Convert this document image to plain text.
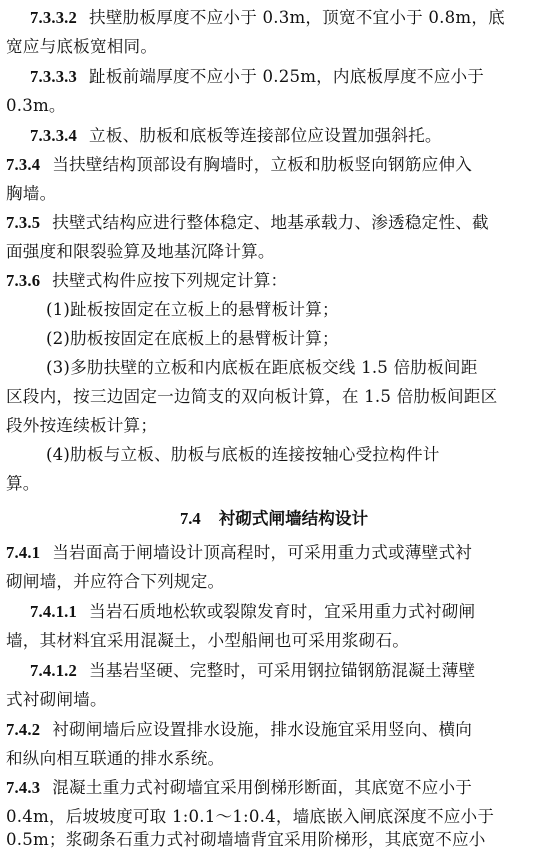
7.3.3.2 扶壁肋板厚度不应小于 0.3m，顶宽不宜小于 0.8m，底
宽应与底板宽相同。
7.3.3.3 趾板前端厚度不应小于 0.25m，内底板厚度不应小于
0.3m。
7.3.3.4 立板、肋板和底板等连接部位应设置加强斜托。
7.3.4 当扶壁结构顶部设有胸墙时，立板和肋板竖向钢筋应伸入
胸墙。
7.3.5 扶壁式结构应进行整体稳定、地基承载力、渗透稳定性、截
面强度和限裂验算及地基沉降计算。
7.3.6 扶壁式构件应按下列规定计算：
(1)趾板按固定在立板上的悬臂板计算；
(2)肋板按固定在底板上的悬臂板计算；
(3)多肋扶壁的立板和内底板在距底板交线 1.5 倍肋板间距
区段内，按三边固定一边简支的双向板计算，在 1.5 倍肋板间距区
段外按连续板计算；
(4)肋板与立板、肋板与底板的连接按轴心受拉构件计
算。
7.4 衬砌式闸墙结构设计
7.4.1 当岩面高于闸墙设计顶高程时，可采用重力式或薄壁式衬
砌闸墙，并应符合下列规定。
7.4.1.1 当岩石质地松软或裂隙发育时，宜采用重力式衬砌闸
墙，其材料宜采用混凝土，小型船闸也可采用浆砌石。
7.4.1.2 当基岩坚硬、完整时，可采用钢拉锚钢筋混凝土薄壁
式衬砌闸墙。
7.4.2 衬砌闸墙后应设置排水设施，排水设施宜采用竖向、横向
和纵向相互联通的排水系统。
7.4.3 混凝土重力式衬砌墙宜采用倒梯形断面，其底宽不应小于
0.4m，后坡坡度可取 1:0.1～1:0.4，墙底嵌入闸底深度不应小于
0.5m；浆砌条石重力式衬砌墙墙背宜采用阶梯形，其底宽不应小
